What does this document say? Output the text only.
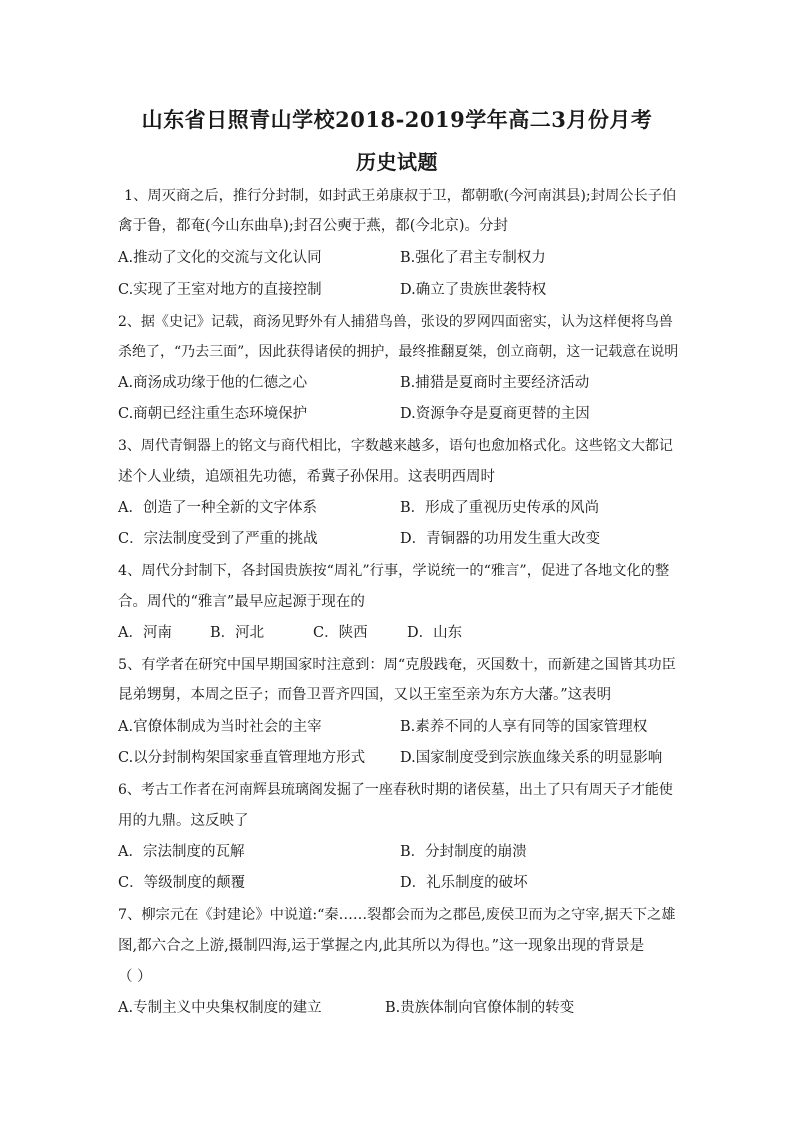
山东省日照青山学校2018-2019学年高二3月份月考
历史试题
1、周灭商之后，推行分封制，如封武王弟康叔于卫，都朝歌(今河南淇县);封周公长子伯
禽于鲁，都奄(今山东曲阜);封召公奭于燕，都(今北京)。分封
A.推动了文化的交流与文化认同	B.强化了君主专制权力
C.实现了王室对地方的直接控制	D.确立了贵族世袭特权
2、据《史记》记载，商汤见野外有人捕猎鸟兽，张设的罗网四面密实，认为这样便将鸟兽
杀绝了，“乃去三面”，因此获得诸侯的拥护，最终推翻夏桀，创立商朝，这一记载意在说明
A.商汤成功缘于他的仁德之心	B.捕猎是夏商时主要经济活动
C.商朝已经注重生态环境保护	D.资源争夺是夏商更替的主因
3、周代青铜器上的铭文与商代相比，字数越来越多，语句也愈加格式化。这些铭文大都记
述个人业绩，追颂祖先功德，希冀子孙保用。这表明西周时
A．创造了一种全新的文字体系	B．形成了重视历史传承的风尚
C．宗法制度受到了严重的挑战	D．青铜器的功用发生重大改变
4、周代分封制下，各封国贵族按“周礼”行事，学说统一的“雅言”，促进了各地文化的整
合。周代的“雅言”最早应起源于现在的
A．河南	B．河北	C．陕西	D．山东
5、有学者在研究中国早期国家时注意到：周“克殷践奄，灭国数十，而新建之国皆其功臣
昆弟甥舅，本周之臣子；而鲁卫晋齐四国，又以王室至亲为东方大藩。”这表明
A.官僚体制成为当时社会的主宰	B.素养不同的人享有同等的国家管理权
C.以分封制构架国家垂直管理地方形式 D.国家制度受到宗族血缘关系的明显影响
6、考古工作者在河南辉县琉璃阁发掘了一座春秋时期的诸侯墓，出土了只有周天子才能使
用的九鼎。这反映了
A．宗法制度的瓦解	B．分封制度的崩溃
C．等级制度的颠覆	D．礼乐制度的破坏
7、柳宗元在《封建论》中说道:“秦……裂都会而为之郡邑,废侯卫而为之守宰,据天下之雄
图,都六合之上游,摄制四海,运于掌握之内,此其所以为得也。”这一现象出现的背景是
（ ）
A.专制主义中央集权制度的建立	B.贵族体制向官僚体制的转变
